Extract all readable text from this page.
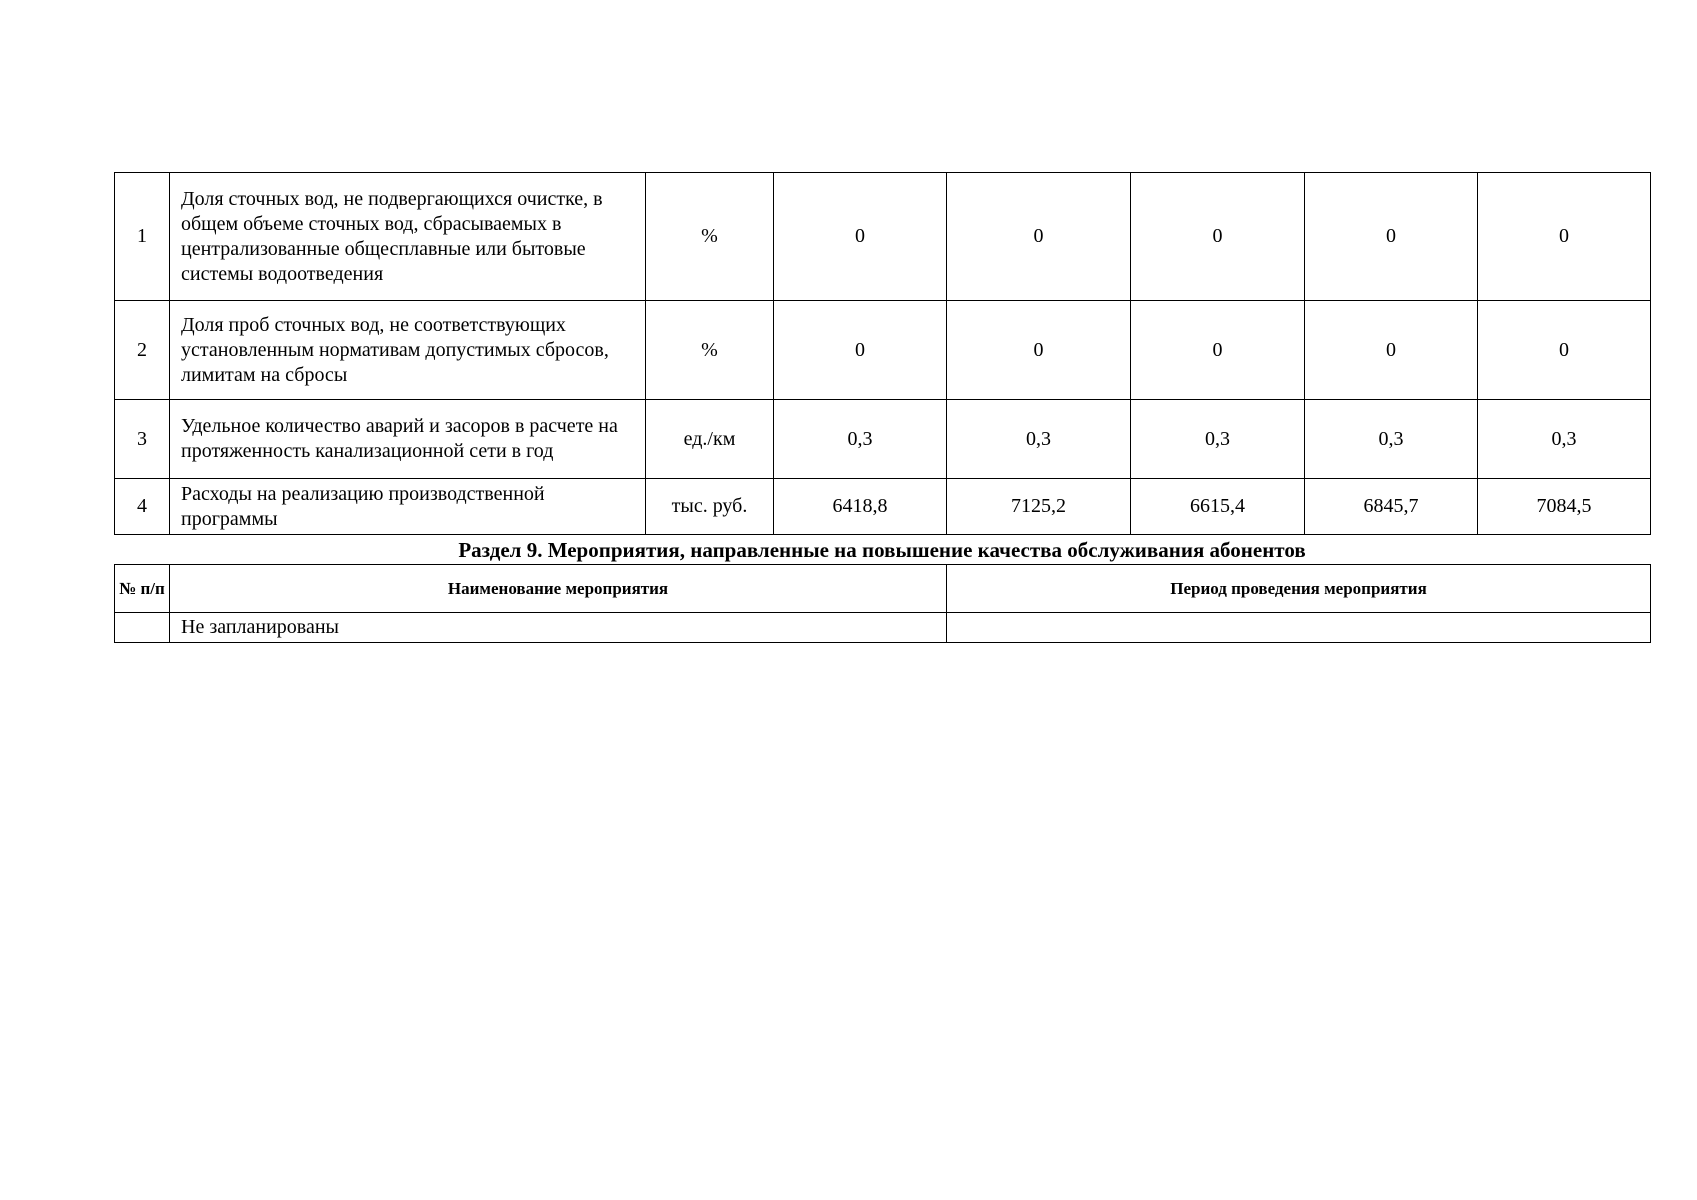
1	Доля сточных вод, не подвергающихся очистке, в общем объеме сточных вод, сбрасываемых в централизованные общесплавные или бытовые системы водоотведения	%	0	0	0	0	0
2	Доля проб сточных вод, не соответствующих установленным нормативам допустимых сбросов, лимитам на сбросы	%	0	0	0	0	0
3	Удельное количество аварий и засоров в расчете на протяженность канализационной сети в год	ед./км	0,3	0,3	0,3	0,3	0,3
4	Расходы на реализацию производственной программы	тыс. руб.	6418,8	7125,2	6615,4	6845,7	7084,5
Раздел 9. Мероприятия, направленные на повышение качества обслуживания абонентов
№ п/п	Наименование мероприятия	Период проведения мероприятия
	Не запланированы	
